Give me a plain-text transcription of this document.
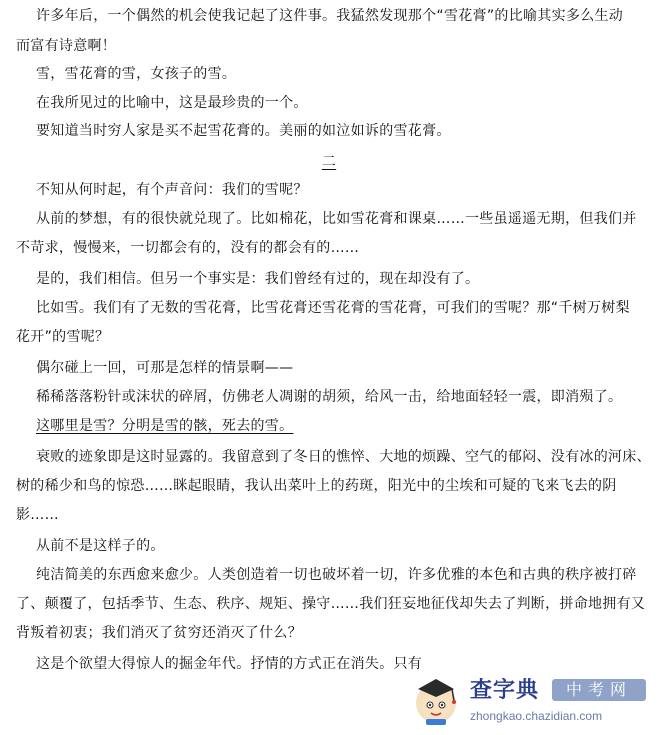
许多年后，一个偶然的机会使我记起了这件事。我猛然发现那个“雪花膏”的比喻其实多么生动
而富有诗意啊！
雪，雪花膏的雪，女孩子的雪。
在我所见过的比喻中，这是最珍贵的一个。
要知道当时穷人家是买不起雪花膏的。美丽的如泣如诉的雪花膏。
二
不知从何时起，有个声音问：我们的雪呢？
从前的梦想，有的很快就兑现了。比如棉花，比如雪花膏和课桌……一些虽遥遥无期，但我们并
不苛求，慢慢来，一切都会有的，没有的都会有的……
是的，我们相信。但另一个事实是：我们曾经有过的，现在却没有了。
比如雪。我们有了无数的雪花膏，比雪花膏还雪花膏的雪花膏，可我们的雪呢？那“千树万树梨
花开”的雪呢？
偶尔碰上一回，可那是怎样的情景啊——
稀稀落落粉针或沫状的碎屑，仿佛老人凋谢的胡须，给风一击，给地面轻轻一震，即消殒了。
这哪里是雪？分明是雪的骸，死去的雪。
衰败的迹象即是这时显露的。我留意到了冬日的憔悴、大地的烦躁、空气的郁闷、没有冰的河床、
树的稀少和鸟的惊恐……眯起眼睛，我认出菜叶上的药斑，阳光中的尘埃和可疑的飞来飞去的阴
影……
从前不是这样子的。
纯洁简美的东西愈来愈少。人类创造着一切也破坏着一切，许多优雅的本色和古典的秩序被打碎
了、颠覆了，包括季节、生态、秩序、规矩、操守……我们狂妄地征伐却失去了判断，拼命地拥有又
背叛着初衷；我们消灭了贫穷还消灭了什么？
这是个欲望大得惊人的掘金年代。抒情的方式正在消失。只有
查字典	中考网
zhongkao.chazidian.com
